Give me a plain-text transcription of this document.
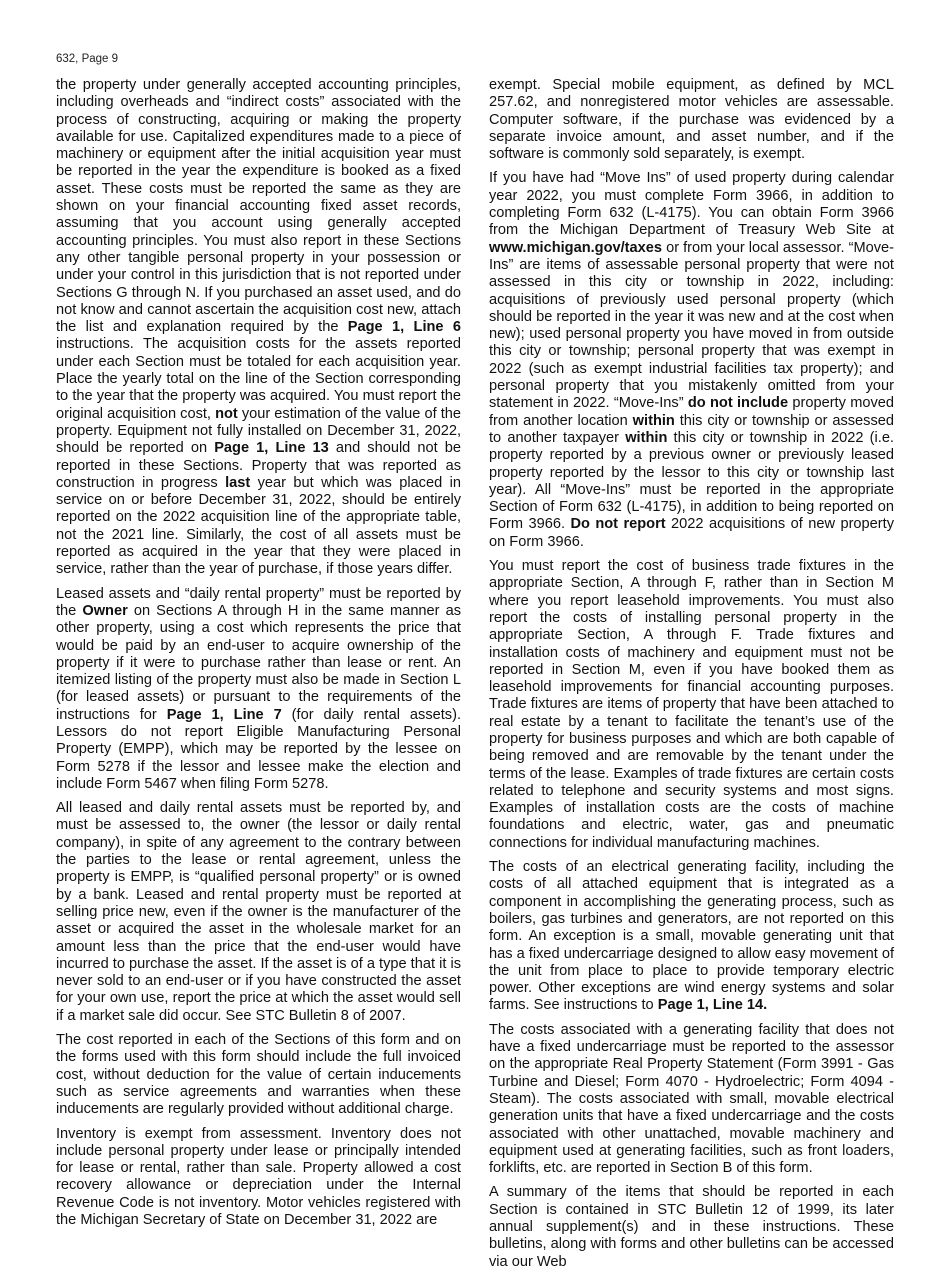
632, Page 9

the property under generally accepted accounting principles, including overheads and “indirect costs” associated with the process of constructing, acquiring or making the property available for use. Capitalized expenditures made to a piece of machinery or equipment after the initial acquisition year must be reported in the year the expenditure is booked as a fixed asset. These costs must be reported the same as they are shown on your financial accounting fixed asset records, assuming that you account using generally accepted accounting principles. You must also report in these Sections any other tangible personal property in your possession or under your control in this jurisdiction that is not reported under Sections G through N. If you purchased an asset used, and do not know and cannot ascertain the acquisition cost new, attach the list and explanation required by the Page 1, Line 6 instructions. The acquisition costs for the assets reported under each Section must be totaled for each acquisition year. Place the yearly total on the line of the Section corresponding to the year that the property was acquired. You must report the original acquisition cost, not your estimation of the value of the property. Equipment not fully installed on December 31, 2022, should be reported on Page 1, Line 13 and should not be reported in these Sections. Property that was reported as construction in progress last year but which was placed in service on or before December 31, 2022, should be entirely reported on the 2022 acquisition line of the appropriate table, not the 2021 line. Similarly, the cost of all assets must be reported as acquired in the year that they were placed in service, rather than the year of purchase, if those years differ.

Leased assets and “daily rental property” must be reported by the Owner on Sections A through H in the same manner as other property, using a cost which represents the price that would be paid by an end-user to acquire ownership of the property if it were to purchase rather than lease or rent. An itemized listing of the property must also be made in Section L (for leased assets) or pursuant to the requirements of the instructions for Page 1, Line 7 (for daily rental assets). Lessors do not report Eligible Manufacturing Personal Property (EMPP), which may be reported by the lessee on Form 5278 if the lessor and lessee make the election and include Form 5467 when filing Form 5278.

All leased and daily rental assets must be reported by, and must be assessed to, the owner (the lessor or daily rental company), in spite of any agreement to the contrary between the parties to the lease or rental agreement, unless the property is EMPP, is “qualified personal property” or is owned by a bank. Leased and rental property must be reported at selling price new, even if the owner is the manufacturer of the asset or acquired the asset in the wholesale market for an amount less than the price that the end-user would have incurred to purchase the asset. If the asset is of a type that it is never sold to an end-user or if you have constructed the asset for your own use, report the price at which the asset would sell if a market sale did occur. See STC Bulletin 8 of 2007.

The cost reported in each of the Sections of this form and on the forms used with this form should include the full invoiced cost, without deduction for the value of certain inducements such as service agreements and warranties when these inducements are regularly provided without additional charge.

Inventory is exempt from assessment. Inventory does not include personal property under lease or principally intended for lease or rental, rather than sale. Property allowed a cost recovery allowance or depreciation under the Internal Revenue Code is not inventory. Motor vehicles registered with the Michigan Secretary of State on December 31, 2022 are

exempt. Special mobile equipment, as defined by MCL 257.62, and nonregistered motor vehicles are assessable. Computer software, if the purchase was evidenced by a separate invoice amount, and asset number, and if the software is commonly sold separately, is exempt.

If you have had “Move Ins” of used property during calendar year 2022, you must complete Form 3966, in addition to completing Form 632 (L-4175). You can obtain Form 3966 from the Michigan Department of Treasury Web Site at www.michigan.gov/taxes or from your local assessor. “Move-Ins” are items of assessable personal property that were not assessed in this city or township in 2022, including: acquisitions of previously used personal property (which should be reported in the year it was new and at the cost when new); used personal property you have moved in from outside this city or township; personal property that was exempt in 2022 (such as exempt industrial facilities tax property); and personal property that you mistakenly omitted from your statement in 2022. “Move-Ins” do not include property moved from another location within this city or township or assessed to another taxpayer within this city or township in 2022 (i.e. property reported by a previous owner or previously leased property reported by the lessor to this city or township last year). All “Move-Ins” must be reported in the appropriate Section of Form 632 (L-4175), in addition to being reported on Form 3966. Do not report 2022 acquisitions of new property on Form 3966.

You must report the cost of business trade fixtures in the appropriate Section, A through F, rather than in Section M where you report leasehold improvements. You must also report the costs of installing personal property in the appropriate Section, A through F. Trade fixtures and installation costs of machinery and equipment must not be reported in Section M, even if you have booked them as leasehold improvements for financial accounting purposes. Trade fixtures are items of property that have been attached to real estate by a tenant to facilitate the tenant’s use of the property for business purposes and which are both capable of being removed and are removable by the tenant under the terms of the lease. Examples of trade fixtures are certain costs related to telephone and security systems and most signs. Examples of installation costs are the costs of machine foundations and electric, water, gas and pneumatic connections for individual manufacturing machines.

The costs of an electrical generating facility, including the costs of all attached equipment that is integrated as a component in accomplishing the generating process, such as boilers, gas turbines and generators, are not reported on this form. An exception is a small, movable generating unit that has a fixed undercarriage designed to allow easy movement of the unit from place to place to provide temporary electric power. Other exceptions are wind energy systems and solar farms. See instructions to Page 1, Line 14.

The costs associated with a generating facility that does not have a fixed undercarriage must be reported to the assessor on the appropriate Real Property Statement (Form 3991 - Gas Turbine and Diesel; Form 4070 - Hydroelectric; Form 4094 - Steam). The costs associated with small, movable electrical generation units that have a fixed undercarriage and the costs associated with other unattached, movable machinery and equipment used at generating facilities, such as front loaders, forklifts, etc. are reported in Section B of this form.

A summary of the items that should be reported in each Section is contained in STC Bulletin 12 of 1999, its later annual supplement(s) and in these instructions. These bulletins, along with forms and other bulletins can be accessed via our Web
